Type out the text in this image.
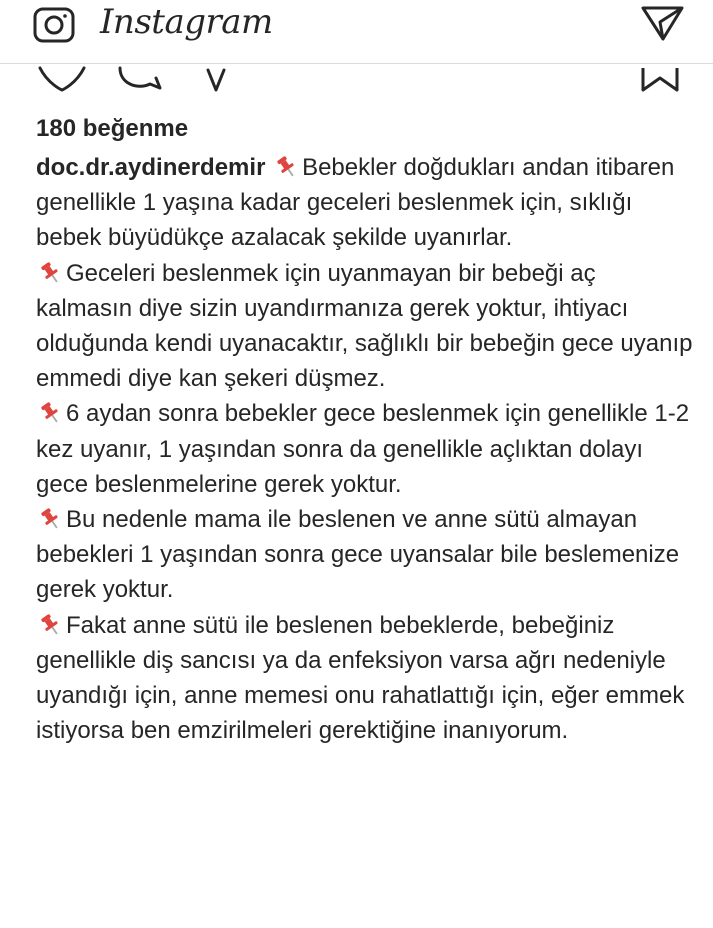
Instagram
180 beğenme
doc.dr.aydinerdemir Bebekler doğdukları andan itibaren genellikle 1 yaşına kadar geceleri beslenmek için, sıklığı bebek büyüdükçe azalacak şekilde uyanırlar.
Geceleri beslenmek için uyanmayan bir bebeği aç kalmasın diye sizin uyandırmanıza gerek yoktur, ihtiyacı olduğunda kendi uyanacaktır, sağlıklı bir bebeğin gece uyanıp emmedi diye kan şekeri düşmez.
6 aydan sonra bebekler gece beslenmek için genellikle 1-2 kez uyanır, 1 yaşından sonra da genellikle açlıktan dolayı gece beslenmelerine gerek yoktur.
Bu nedenle mama ile beslenen ve anne sütü almayan bebekleri 1 yaşından sonra gece uyansalar bile beslemenize gerek yoktur.
Fakat anne sütü ile beslenen bebeklerde, bebeğiniz genellikle diş sancısı ya da enfeksiyon varsa ağrı nedeniyle uyandığı için, anne memesi onu rahatlattığı için, eğer emmek istiyorsa ben emzirilmeleri gerektiğine inanıyorum.
